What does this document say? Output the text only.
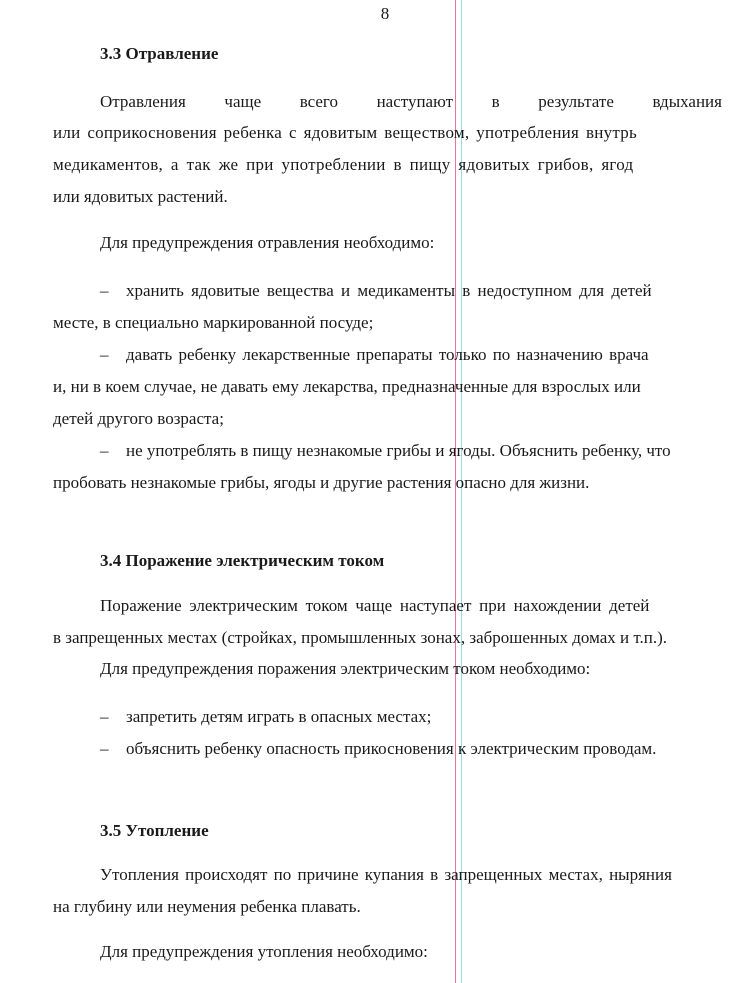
8
3.3 Отравление
Отравления чаще всего наступают в результате вдыхания
или соприкосновения ребенка с ядовитым веществом, употребления внутрь
медикаментов, а так же при употреблении в пищу ядовитых грибов, ягод
или ядовитых растений.
Для предупреждения отравления необходимо:
– хранить ядовитые вещества и медикаменты в недоступном для детей
месте, в специально маркированной посуде;
– давать ребенку лекарственные препараты только по назначению врача
и, ни в коем случае, не давать ему лекарства, предназначенные для взрослых или
детей другого возраста;
– не употреблять в пищу незнакомые грибы и ягоды. Объяснить ребенку, что
пробовать незнакомые грибы, ягоды и другие растения опасно для жизни.
3.4 Поражение электрическим током
Поражение электрическим током чаще наступает при нахождении детей
в запрещенных местах (стройках, промышленных зонах, заброшенных домах и т.п.).
Для предупреждения поражения электрическим током необходимо:
– запретить детям играть в опасных местах;
– объяснить ребенку опасность прикосновения к электрическим проводам.
3.5 Утопление
Утопления происходят по причине купания в запрещенных местах, ныряния
на глубину или неумения ребенка плавать.
Для предупреждения утопления необходимо:
